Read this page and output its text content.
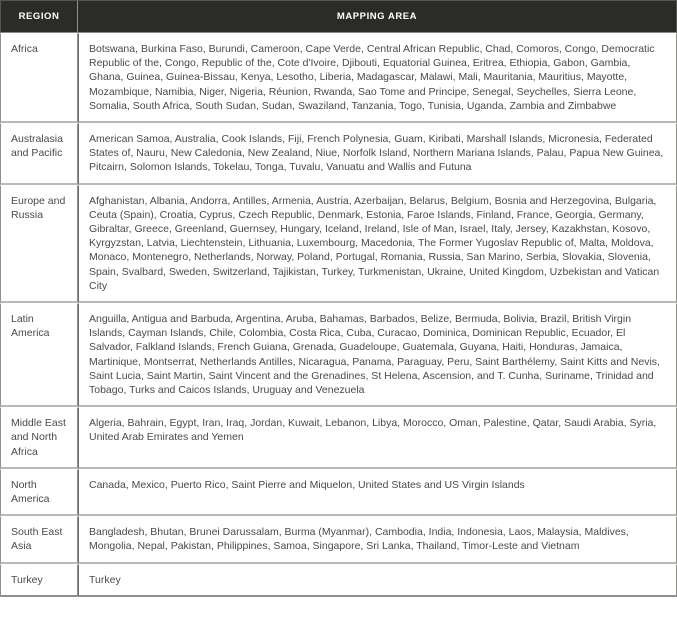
REGION	MAPPING AREA
Africa	Botswana, Burkina Faso, Burundi, Cameroon, Cape Verde, Central African Republic, Chad, Comoros, Congo, Democratic Republic of the, Congo, Republic of the, Cote d'Ivoire, Djibouti, Equatorial Guinea, Eritrea, Ethiopia, Gabon, Gambia, Ghana, Guinea, Guinea-Bissau, Kenya, Lesotho, Liberia, Madagascar, Malawi, Mali, Mauritania, Mauritius, Mayotte, Mozambique, Namibia, Niger, Nigeria, Réunion, Rwanda, Sao Tome and Principe, Senegal, Seychelles, Sierra Leone, Somalia, South Africa, South Sudan, Sudan, Swaziland, Tanzania, Togo, Tunisia, Uganda, Zambia and Zimbabwe
Australasia and Pacific	American Samoa, Australia, Cook Islands, Fiji, French Polynesia, Guam, Kiribati, Marshall Islands, Micronesia, Federated States of, Nauru, New Caledonia, New Zealand, Niue, Norfolk Island, Northern Mariana Islands, Palau, Papua New Guinea, Pitcairn, Solomon Islands, Tokelau, Tonga, Tuvalu, Vanuatu and Wallis and Futuna
Europe and Russia	Afghanistan, Albania, Andorra, Antilles, Armenia, Austria, Azerbaijan, Belarus, Belgium, Bosnia and Herzegovina, Bulgaria, Ceuta (Spain), Croatia, Cyprus, Czech Republic, Denmark, Estonia, Faroe Islands, Finland, France, Georgia, Germany, Gibraltar, Greece, Greenland, Guernsey, Hungary, Iceland, Ireland, Isle of Man, Israel, Italy, Jersey, Kazakhstan, Kosovo, Kyrgyzstan, Latvia, Liechtenstein, Lithuania, Luxembourg, Macedonia, The Former Yugoslav Republic of, Malta, Moldova, Monaco, Montenegro, Netherlands, Norway, Poland, Portugal, Romania, Russia, San Marino, Serbia, Slovakia, Slovenia, Spain, Svalbard, Sweden, Switzerland, Tajikistan, Turkey, Turkmenistan, Ukraine, United Kingdom, Uzbekistan and Vatican City
Latin America	Anguilla, Antigua and Barbuda, Argentina, Aruba, Bahamas, Barbados, Belize, Bermuda, Bolivia, Brazil, British Virgin Islands, Cayman Islands, Chile, Colombia, Costa Rica, Cuba, Curacao, Dominica, Dominican Republic, Ecuador, El Salvador, Falkland Islands, French Guiana, Grenada, Guadeloupe, Guatemala, Guyana, Haiti, Honduras, Jamaica, Martinique, Montserrat, Netherlands Antilles, Nicaragua, Panama, Paraguay, Peru, Saint Barthélemy, Saint Kitts and Nevis, Saint Lucia, Saint Martin, Saint Vincent and the Grenadines, St Helena, Ascension, and T. Cunha, Suriname, Trinidad and Tobago, Turks and Caicos Islands, Uruguay and Venezuela
Middle East and North Africa	Algeria, Bahrain, Egypt, Iran, Iraq, Jordan, Kuwait, Lebanon, Libya, Morocco, Oman, Palestine, Qatar, Saudi Arabia, Syria, United Arab Emirates and Yemen
North America	Canada, Mexico, Puerto Rico, Saint Pierre and Miquelon, United States and US Virgin Islands
South East Asia	Bangladesh, Bhutan, Brunei Darussalam, Burma (Myanmar), Cambodia, India, Indonesia, Laos, Malaysia, Maldives, Mongolia, Nepal, Pakistan, Philippines, Samoa, Singapore, Sri Lanka, Thailand, Timor-Leste and Vietnam
Turkey	Turkey
